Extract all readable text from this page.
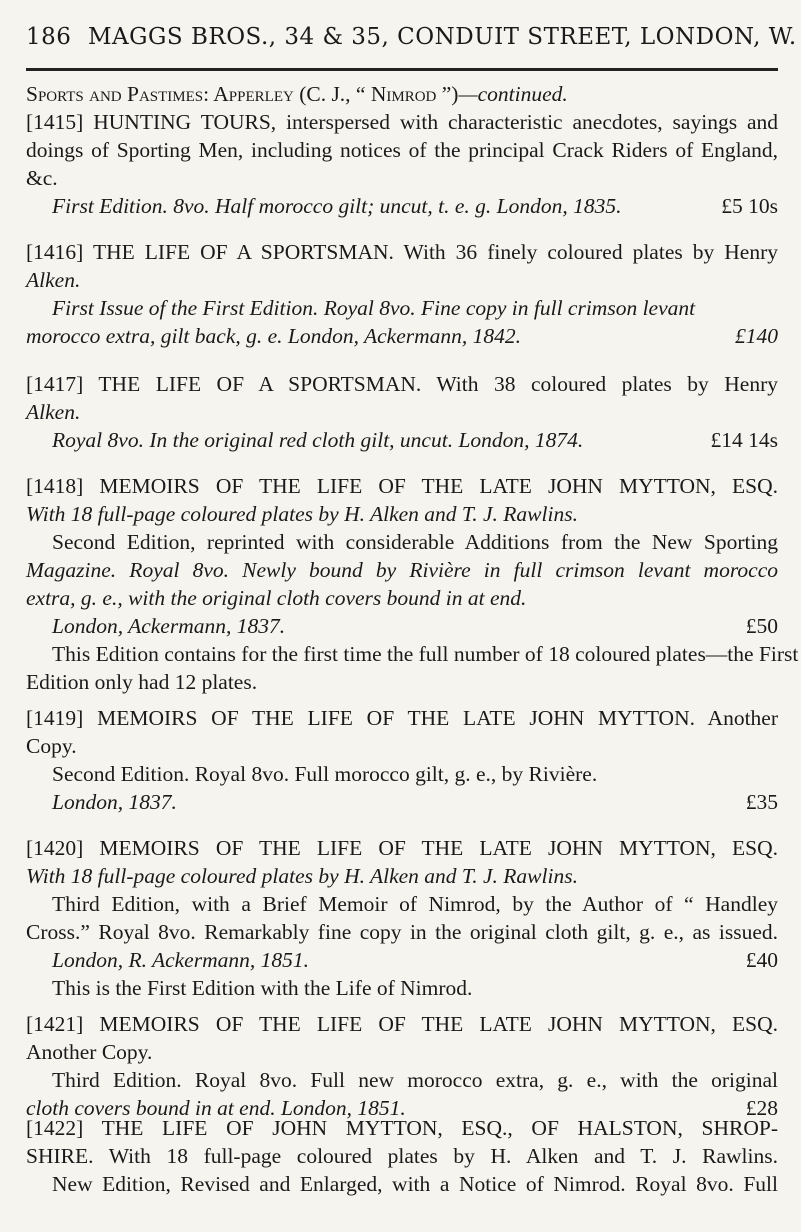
186 MAGGS BROS., 34 & 35, CONDUIT STREET, LONDON, W.
Sports and Pastimes: Apperley (C. J., “ Nimrod ”)—continued.
[1415] HUNTING TOURS, interspersed with characteristic anecdotes, sayings and
doings of Sporting Men, including notices of the principal Crack Riders of England,
&c.
First Edition. 8vo. Half morocco gilt; uncut, t. e. g. London, 1835.	£5 10s
[1416] THE LIFE OF A SPORTSMAN. With 36 finely coloured plates by Henry
Alken.
First Issue of the First Edition. Royal 8vo. Fine copy in full crimson levant
morocco extra, gilt back, g. e. London, Ackermann, 1842.	£140
[1417] THE LIFE OF A SPORTSMAN. With 38 coloured plates by Henry
Alken.
Royal 8vo. In the original red cloth gilt, uncut. London, 1874.	£14 14s
[1418] MEMOIRS OF THE LIFE OF THE LATE JOHN MYTTON, ESQ.
With 18 full-page coloured plates by H. Alken and T. J. Rawlins.
Second Edition, reprinted with considerable Additions from the New Sporting
Magazine. Royal 8vo. Newly bound by Rivière in full crimson levant morocco
extra, g. e., with the original cloth covers bound in at end.
London, Ackermann, 1837.	£50
This Edition contains for the first time the full number of 18 coloured plates—the First
Edition only had 12 plates.
[1419] MEMOIRS OF THE LIFE OF THE LATE JOHN MYTTON. Another
Copy.
Second Edition. Royal 8vo. Full morocco gilt, g. e., by Rivière.
London, 1837.	£35
[1420] MEMOIRS OF THE LIFE OF THE LATE JOHN MYTTON, ESQ.
With 18 full-page coloured plates by H. Alken and T. J. Rawlins.
Third Edition, with a Brief Memoir of Nimrod, by the Author of “ Handley
Cross.” Royal 8vo. Remarkably fine copy in the original cloth gilt, g. e., as issued.
London, R. Ackermann, 1851.	£40
This is the First Edition with the Life of Nimrod.
[1421] MEMOIRS OF THE LIFE OF THE LATE JOHN MYTTON, ESQ.
Another Copy.
Third Edition. Royal 8vo. Full new morocco extra, g. e., with the original
cloth covers bound in at end. London, 1851.	£28
[1422] THE LIFE OF JOHN MYTTON, ESQ., OF HALSTON, SHROP-
SHIRE. With 18 full-page coloured plates by H. Alken and T. J. Rawlins.
New Edition, Revised and Enlarged, with a Notice of Nimrod. Royal 8vo. Full
